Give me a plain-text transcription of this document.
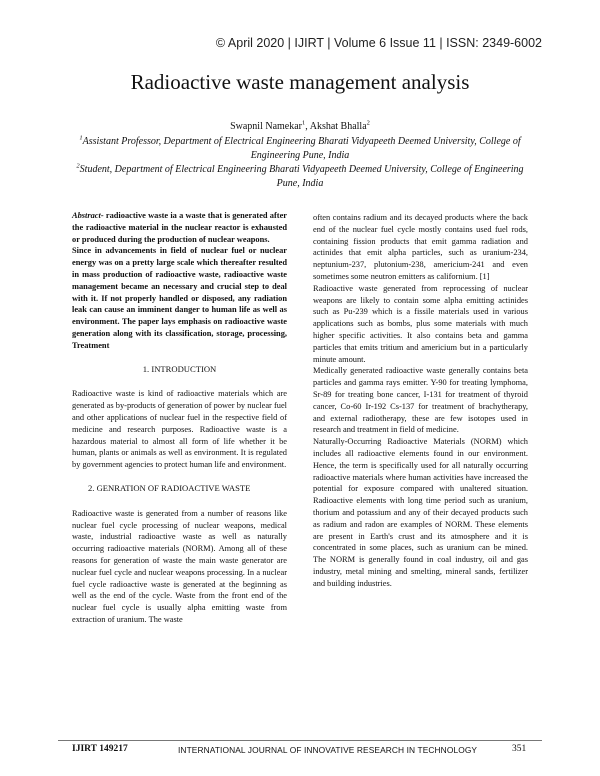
© April 2020 | IJIRT | Volume 6 Issue 11 | ISSN: 2349-6002
Radioactive waste management analysis
Swapnil Namekar$^1$, Akshat Bhalla$^2$
$^1$Assistant Professor, Department of Electrical Engineering Bharati Vidyapeeth Deemed University, College of Engineering Pune, India
$^2$Student, Department of Electrical Engineering Bharati Vidyapeeth Deemed University, College of Engineering Pune, India

Abstract- radioactive waste ia a waste that is generated after the radioactive material in the nuclear reactor is exhausted or produced during the production of nuclear weapons.

Since in advancements in field of nuclear fuel or nuclear energy was on a pretty large scale which thereafter resulted in mass production of radioactive waste, radioactive waste management became an necessary and crucial step to deal with it. If not properly handled or disposed, any radiation leak can cause an imminent danger to human life as well as environment. The paper lays emphasis on radioactive waste generation along with its classification, storage, processing, Treatment

1. INTRODUCTION

Radioactive waste is kind of radioactive materials which are generated as by-products of generation of power by nuclear fuel and other applications of nuclear fuel in the respective field of medicine and research purposes. Radioactive waste is a hazardous material to almost all form of life whether it be human, plants or animals as well as environment. It is regulated by government agencies to protect human life and environment.

2. GENRATION OF RADIOACTIVE WASTE

Radioactive waste is generated from a number of reasons like nuclear fuel cycle processing of nuclear weapons, medical waste, industrial radioactive waste as well as naturally occurring radioactive materials (NORM). Among all of these reasons for generation of waste the main waste generator are nuclear fuel cycle and nuclear weapons processing. In a nuclear fuel cycle radioactive waste is generated at the beginning as well as the end of the cycle. Waste from the front end of the nuclear fuel cycle is usually alpha emitting waste from extraction of uranium. The waste

often contains radium and its decayed products where the back end of the nuclear fuel cycle mostly contains used fuel rods, containing fission products that emit gamma radiation and actinides that emit alpha particles, such as uranium-234, neptunium-237, plutonium-238, americium-241 and even sometimes some neutron emitters as californium. [1]

Radioactive waste generated from reprocessing of nuclear weapons are likely to contain some alpha emitting actinides such as Pu-239 which is a fissile materials used in various applications such as bombs, plus some materials with much higher specific activities. It also contains beta and gamma particles that emits tritium and americium but in a particularly minute amount.

Medically generated radioactive waste generally contains beta particles and gamma rays emitter. Y-90 for treating lymphoma, Sr-89 for treating bone cancer, I-131 for treatment of thyroid cancer, Co-60 Ir-192 Cs-137 for treatment of brachytherapy, and external radiotherapy, these are few isotopes used in research and treatment in field of medicine.

Naturally-Occurring Radioactive Materials (NORM) which includes all radioactive elements found in our environment. Hence, the term is specifically used for all naturally occurring radioactive materials where human activities have increased the potential for exposure compared with unaltered situation. Radioactive elements with long time period such as uranium, thorium and potassium and any of their decayed products such as radium and radon are examples of NORM. These elements are present in Earth's crust and its atmosphere and it is concentrated in some places, such as uranium can be mined. The NORM is generally found in coal industry, oil and gas industry, metal mining and smelting, mineral sands, fertilizer and building industries.

IJIRT 149217	INTERNATIONAL JOURNAL OF INNOVATIVE RESEARCH IN TECHNOLOGY	351
